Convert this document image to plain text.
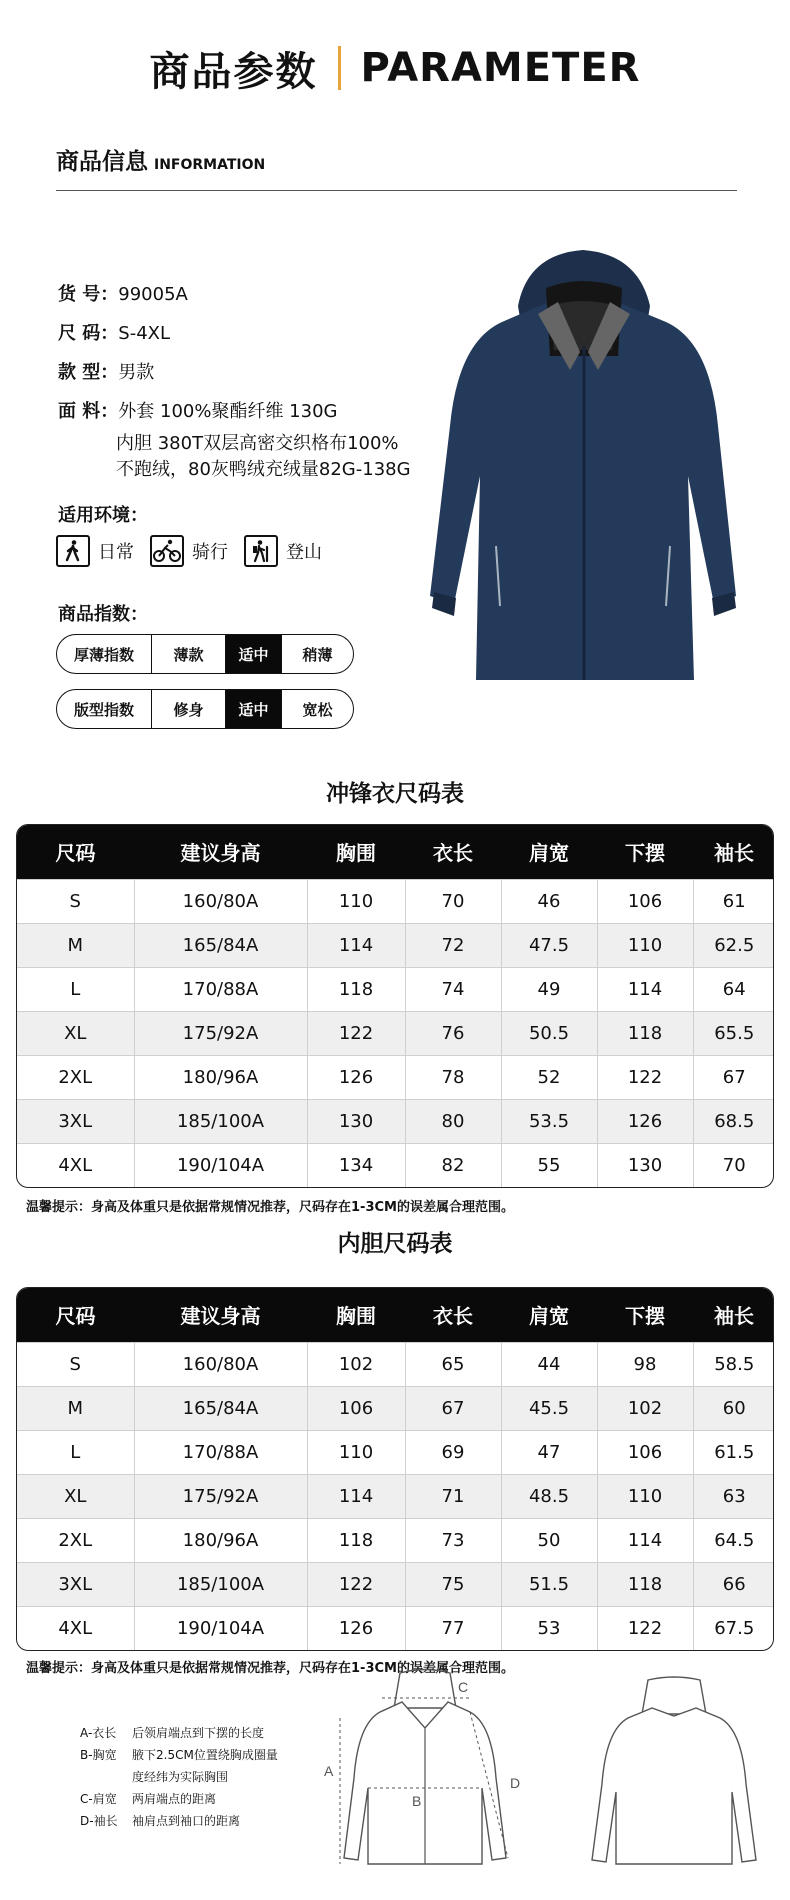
商品参数 PARAMETER
商品信息 INFORMATION
货 号：99005A
尺 码：S-4XL
款 型：男款
面 料：外套 100%聚酯纤维 130G
内胆 380T双层高密交织格布100%
不跑绒，80灰鸭绒充绒量82G-138G
适用环境：
日常	骑行	登山
商品指数：
厚薄指数	薄款	适中	稍薄
版型指数	修身	适中	宽松
冲锋衣尺码表
尺码	建议身高	胸围	衣长	肩宽	下摆	袖长
S	160/80A	110	70	46	106	61
M	165/84A	114	72	47.5	110	62.5
L	170/88A	118	74	49	114	64
XL	175/92A	122	76	50.5	118	65.5
2XL	180/96A	126	78	52	122	67
3XL	185/100A	130	80	53.5	126	68.5
4XL	190/104A	134	82	55	130	70
温馨提示：身高及体重只是依据常规情况推荐，尺码存在1-3CM的误差属合理范围。
内胆尺码表
尺码	建议身高	胸围	衣长	肩宽	下摆	袖长
S	160/80A	102	65	44	98	58.5
M	165/84A	106	67	45.5	102	60
L	170/88A	110	69	47	106	61.5
XL	175/92A	114	71	48.5	110	63
2XL	180/96A	118	73	50	114	64.5
3XL	185/100A	122	75	51.5	118	66
4XL	190/104A	126	77	53	122	67.5
温馨提示：身高及体重只是依据常规情况推荐，尺码存在1-3CM的误差属合理范围。
A-衣长 后领肩端点到下摆的长度
B-胸宽 腋下2.5CM位置绕胸成圈量
度经纬为实际胸围
C-肩宽 两肩端点的距离
D-袖长 袖肩点到袖口的距离
A
B
C
D
